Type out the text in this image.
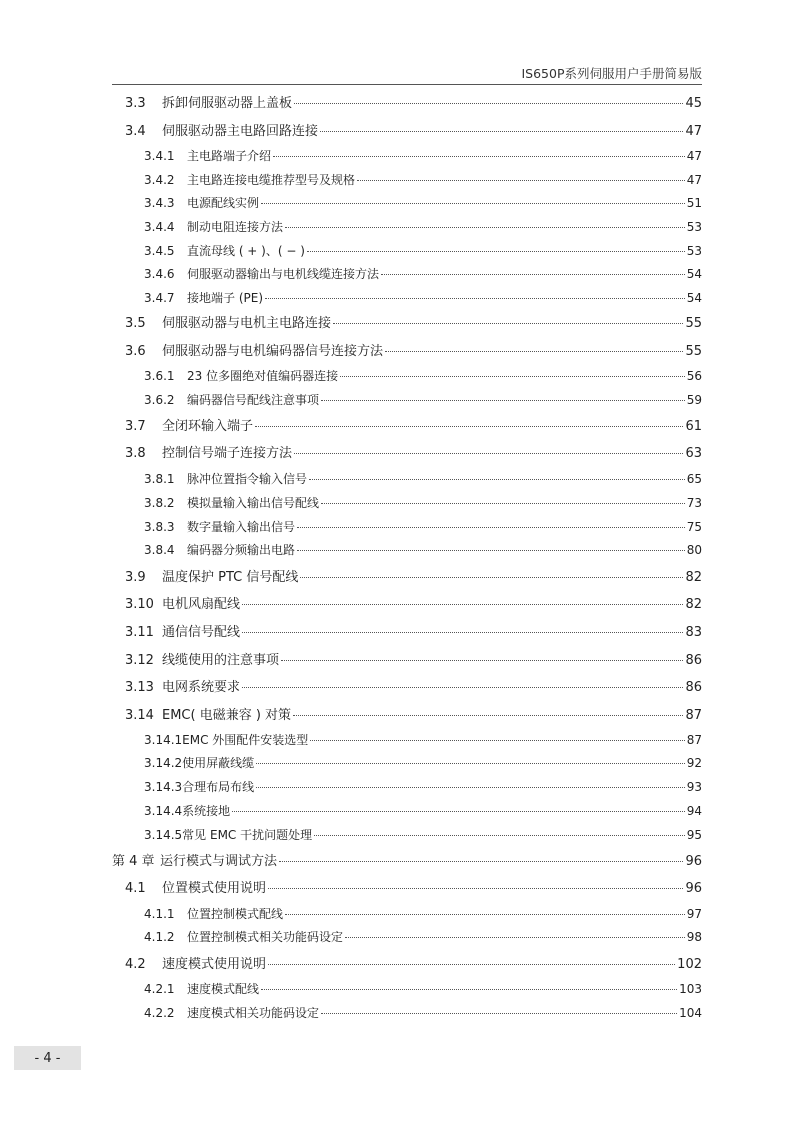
IS650P系列伺服用户手册简易版
3.3	拆卸伺服驱动器上盖板	45
3.4	伺服驱动器主电路回路连接	47
3.4.1	主电路端子介绍	47
3.4.2	主电路连接电缆推荐型号及规格	47
3.4.3	电源配线实例	51
3.4.4	制动电阻连接方法	53
3.4.5	直流母线 ( + )、( − )	53
3.4.6	伺服驱动器输出与电机线缆连接方法	54
3.4.7	接地端子 (PE)	54
3.5	伺服驱动器与电机主电路连接	55
3.6	伺服驱动器与电机编码器信号连接方法	55
3.6.1	23 位多圈绝对值编码器连接	56
3.6.2	编码器信号配线注意事项	59
3.7	全闭环输入端子	61
3.8	控制信号端子连接方法	63
3.8.1	脉冲位置指令输入信号	65
3.8.2	模拟量输入输出信号配线	73
3.8.3	数字量输入输出信号	75
3.8.4	编码器分频输出电路	80
3.9	温度保护 PTC 信号配线	82
3.10 电机风扇配线	82
3.11 通信信号配线	83
3.12 线缆使用的注意事项	86
3.13 电网系统要求	86
3.14 EMC( 电磁兼容 ) 对策	87
3.14.1 EMC 外围配件安装选型	87
3.14.2 使用屏蔽线缆	92
3.14.3 合理布局布线	93
3.14.4 系统接地	94
3.14.5 常见 EMC 干扰问题处理	95
第 4 章 运行模式与调试方法	96
4.1	位置模式使用说明	96
4.1.1	位置控制模式配线	97
4.1.2	位置控制模式相关功能码设定	98
4.2	速度模式使用说明	102
4.2.1	速度模式配线	103
4.2.2	速度模式相关功能码设定	104
- 4 -
